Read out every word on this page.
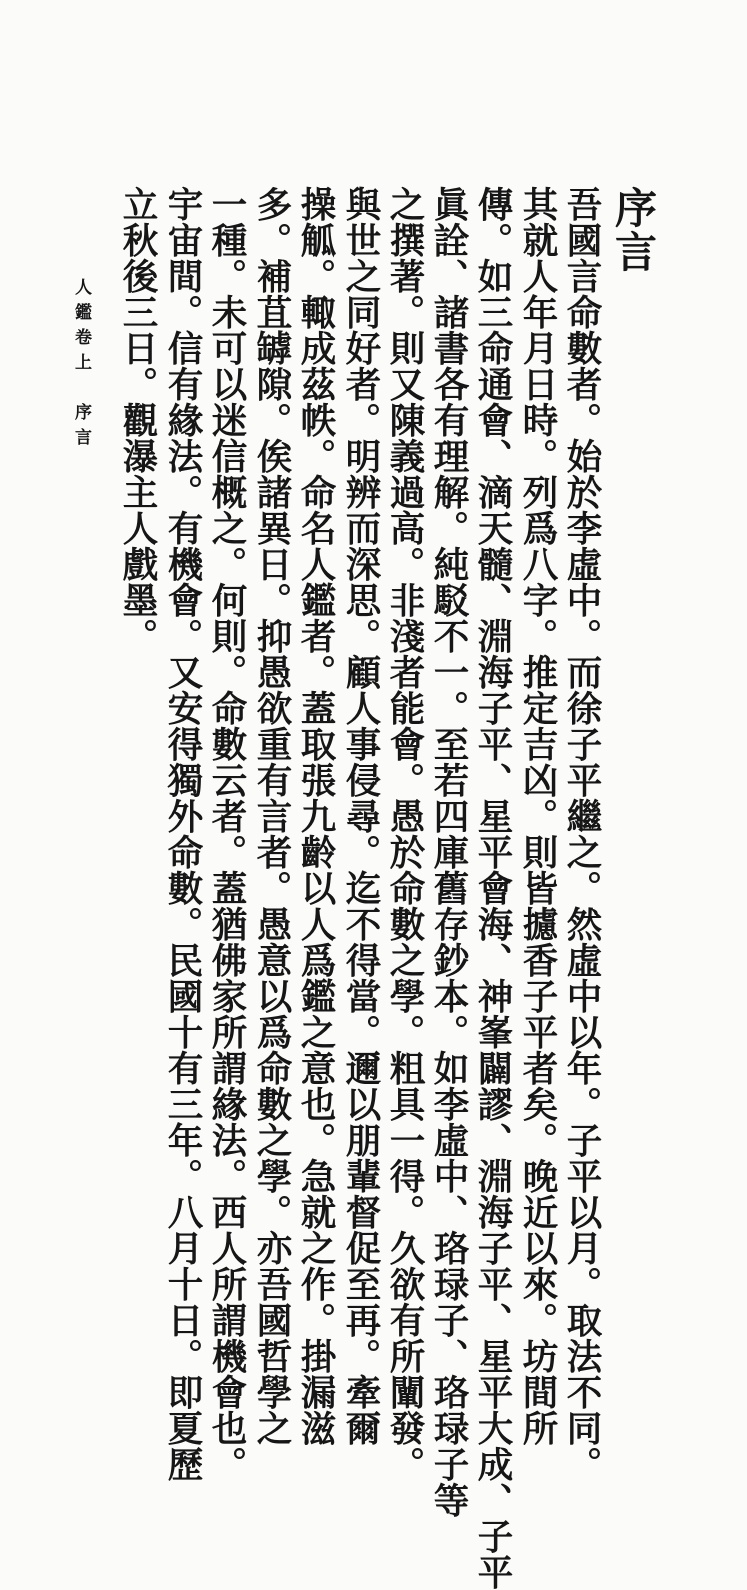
序言
吾國言命數者。始於李虛中。而徐子平繼之。然虛中以年。子平以月。取法不同。
其就人年月日時。列爲八字。推定吉凶。則皆攄香子平者矣。晚近以來。坊間所
傳。如三命通會、滴天髓、淵海子平、星平會海、神峯闢謬、淵海子平、星平大成、子平
眞詮、諸書各有理解。純駁不一。至若四庫舊存鈔本。如李虛中、珞琭子、珞琭子等
之撰著。則又陳義過高。非淺者能會。愚於命數之學。粗具一得。久欲有所闡發。
與世之同好者。明辨而深思。顧人事侵尋。迄不得當。邇以朋輩督促至再。牽爾
操觚。輙成茲帙。命名人鑑者。蓋取張九齡以人爲鑑之意也。急就之作。掛漏滋
多。補苴罅隙。俟諸異日。抑愚欲重有言者。愚意以爲命數之學。亦吾國哲學之
一種。未可以迷信概之。何則。命數云者。蓋猶佛家所謂緣法。西人所謂機會也。
宇宙間。信有緣法。有機會。又安得獨外命數。民國十有三年。八月十日。即夏歷
立秋後三日。觀瀑主人戲墨。
人鑑卷上　序言
